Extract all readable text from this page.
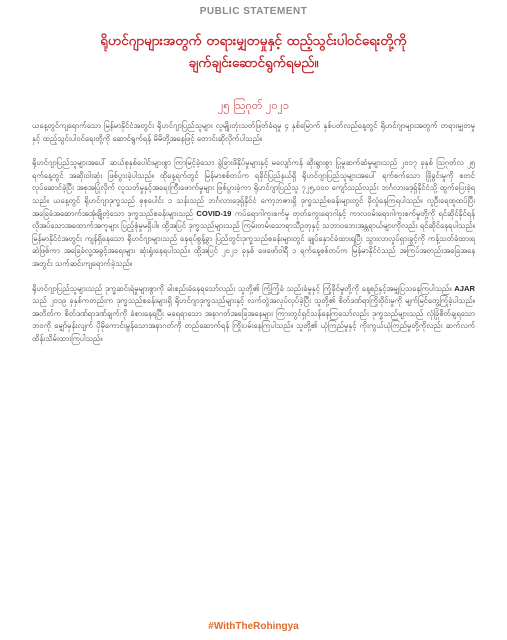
PUBLIC STATEMENT
ရိုဟင်ဂျာများအတွက် တရားမျှတမှုနှင့် ထည့်သွင်းပါဝင်ရေးတို့ကို
ချက်ချင်းဆောင်ရွက်ရမည်။
၂၅ ဩဂုတ် ၂၀၂၁

ယနေ့တွင်ကျရောက်သော မြန်မာနိုင်ငံအတွင်း ရိုဟင်ဂျာပြည်သူများ လူမျိုးတုံးသတ်ဖြတ်ခံရမှု ၄ နှစ်မြောက် နှစ်ပတ်လည်နေ့တွင် ရိုဟင်ဂျာများအတွက် တရားမျှတမှုနှင့် ထည့်သွင်းပါဝင်ရေးတို့ကို ဆောင်ရွက်ရန် မိမိတို့အနေဖြင့် တောင်းဆိုလိုက်ပါသည်။

ရိုဟင်ဂျာပြည်သူများအပေါ် ဆယ်စုနှစ်ပေါင်းများစွာ ကြာမြင့်ခဲ့သော ခွဲခြားဖိနှိပ်မှုများနှင့် မလျော်ကန် ဆိုးရွားစွာ ပြုမူဆက်ဆံမှုများသည် ၂၀၁၇ ခုနှစ် ဩဂုတ်လ ၂၅ ရက်နေ့တွင် အဆိုးဝါးဆုံး ဖြစ်ပွားခဲ့ပါသည်။ ထိုနေ့ရက်တွင် မြန်မာစစ်တပ်က ရခိုင်ပြည်နယ်ရှိ ရိုဟင်ဂျာပြည်သူများအပေါ် ရက်စက်သော ဖြိုခွင်းမှုကို စတင်လုပ်ဆောင်ခဲ့ပြီး အစုအပြုံလိုက် လူသတ်မှုနှင့်အရေးကြီးဖောက်မှုများ ဖြစ်ပွားခဲ့ကာ ရိုဟင်ဂျာပြည်သူ ၇၂၅,၀၀၀ ကျော်သည်လည်း ဘင်္ဂလားဒေ့ရှ်နိုင်ငံသို့ ထွက်ပြေးခဲ့ရသည်။ ယနေ့တွင် ရိုဟင်ဂျာဒုက္ခသည် စုစုပေါင်း ၁ သန်းသည် ဘင်္ဂလားဒေ့ရှ်နိုင်ငံ ကော့ဘဇားရှိ ဒုက္ခသည်စခန်းများတွင် ခိုလှုံနေကြရပါသည်။ လူဦးရေထူထပ်ပြီး အခြေခံအဆောက်အအုံချို့တဲ့သော ဒုက္ခသည်စခန်းများသည် COVID-19 ကပ်ရောဂါကူးစက်မှု တုတ်ကွေးရောဂါနှင့် ကာလဝမ်းရောဂါကူးစက်မှုတို့ကို ရင်ဆိုင်နိုင်ရန် လိုအပ်သောအထောက်အကူများ ပြည့်စုံမှုမရှိပါ။ ထို့အပြင် ဒုက္ခသည်များသည် ကြမ်းတမ်းသောရာသီဥတုနှင့် သဘာဝဘေးအန္တရာယ်များကိုလည်း ရင်ဆိုင်နေရပါသည်။ မြန်မာနိုင်ငံအတွင်း ကျန်ရှိနေသော ရိုဟင်ဂျာများသည် နေရပ်စွန့်ခွာ ပြည်တွင်းဒုက္ခသည်စခန်းများတွင် ချုပ်နှောင်ခံထားရပြီး သွားလာလှုပ်ရှားခွင့်ကို ကန့်သတ်ခံထားရဆဲဖြစ်ကာ အခြေခံလူ့အခွင့်အရေးများ ဆုံးရှုံးနေရပါသည်။ ထို့အပြင် ၂၀၂၁ ခုနှစ် ဖေဖော်ဝါရီ ၁ ရက်နေ့စစ်တပ်က မြန်မာနိုင်ငံသည် အကြပ်အတည်းအခြေအနေအတွင်း သက်ဆင်းကျရောက်ခဲ့သည်။

ရိုဟင်ဂျာပြည်သူများသည် ဒုက္ခဆင်းရဲမှုများစွာကို ခါးစည်းခံနေရသော်လည်း သူတို့၏ ကြံ့ကြံ့ခံ သည်းခံမှုနှင့် ကြံ့ခိုင်မှုတို့ကို နေ့စဉ်နှင့်အမျှပြသနေကြပါသည်။ AJAR သည် ၂၀၁၉ ခုနှစ်ကတည်းက ဒုက္ခသည်စခန်းများရှိ ရိုဟင်ဂျာဒုက္ခသည်များနှင့် လက်တွဲအလုပ်လုပ်ခဲ့ပြီး သူတို့၏ စိတ်ဒဏ်ရာကြိုးဝိုင်းမှုကို မျက်မြင်တွေ့ကြုံခဲ့ပါသည်။ အတိတ်က စိတ်ဒဏ်ရာဒဏ်ချက်ကို ခံစားနေရပြီး မရေရာသော အနာဂတ်အခြေအနေများ ကြားတွင်ရှင်သန်နေကြသော်လည်း ဒုက္ခသည်များသည် လုံခြုံစိတ်ချရသော ဘဝကို မျှော်မှန်းလျက် ပိုမိုကောင်းမွန်သောအနာဂတ်ကို တည်ဆောက်ရန် ကြိုးပမ်းနေကြပါသည်။ သူတို့၏ ယုံကြည်မှုနှင့် ကိုးကွယ်ယုံကြည်မှုတို့ကိုလည်း ဆက်လက်ထိန်းသိမ်းထားကြပါသည်။

#WithTheRohingya
